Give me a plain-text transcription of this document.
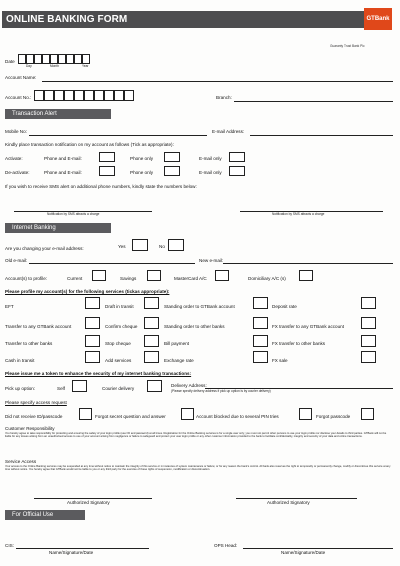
ONLINE BANKING FORM	GTBank
Guaranty Trust Bank Plc
Date
Day	Month	Year
Account Name:
Account No.:	Branch:
Transaction Alert
Mobile No:	E-mail Address:
Kindly place transaction notification on my account as follows (Tick as appropriate):
Activate:	Phone and E-mail:	Phone only	E-mail only
De-activate:	Phone and E-mail:	Phone only	E-mail only
If you wish to receive SMS alert on additional phone numbers, kindly state the numbers below:
Notification by SMS attracts a charge	Notification by SMS attracts a charge
Internet Banking
Are you changing your e-mail address:	Yes	No
Old e-mail:	New e-mail:
Account(s) to profile:	Current	Savings	MasterCard A/C	Domiciliary A/C (s)
Please profile my account(s) for the following services (tickas appropriate):
EFT	Draft in transit	Standing order to GTBank account	Deposit rate
Transfer to any GTBank account	Confirm cheque	Standing order to other banks	FX transfer to any GTBank account
Transfer to other banks	Stop cheque	Bill payment	FX transfer to other banks
Cash in transit	Add services	Exchange rate	FX sale
Please issue me a token to enhance the security of my internet banking transactions:
Pick up option:	Self	Courier delivery
Delivery Address:
(Please specify delivery address if pick up option is by courier delivery)
Please specify access request
Did not receive ID/passcode	Forgot secret question and answer	Account blocked due to several PIN tries	Forgot passcode
Customer Responsibility
You hereby agree to take responsibility for protecting and ensuring the safety of your login profile (user ID and password) at all times. Registration for the Online Banking services is for a single user only; you must not permit other persons to use your login profile nor disclose your details to third parties. GTBank will not be liable for any losses arising from an unauthorised access to use of your account arising from negligence or failure to safeguard and protect your user login profile or any other customer information provided to the bank to facilitate confidentiality, integrity and security of your data and online transactions.
Service Access
Your access to the Online Banking services may be suspended at any time without notice to maintain the integrity of this service or in instances of system maintenance or failure; or for any reason the bank's control. All bank also reserves the right to temporarily or permanently change, modify or discontinue this service at any time without notice. You hereby agree that GTBank would not be liable to you or any third party for the exercise of these rights of suspension, modification or discontinuation.
Authorized Signatory	Authorized Signatory
For Official Use
CIS:
Name/Signature/Date
OPS Head:
Name/Signature/Date
